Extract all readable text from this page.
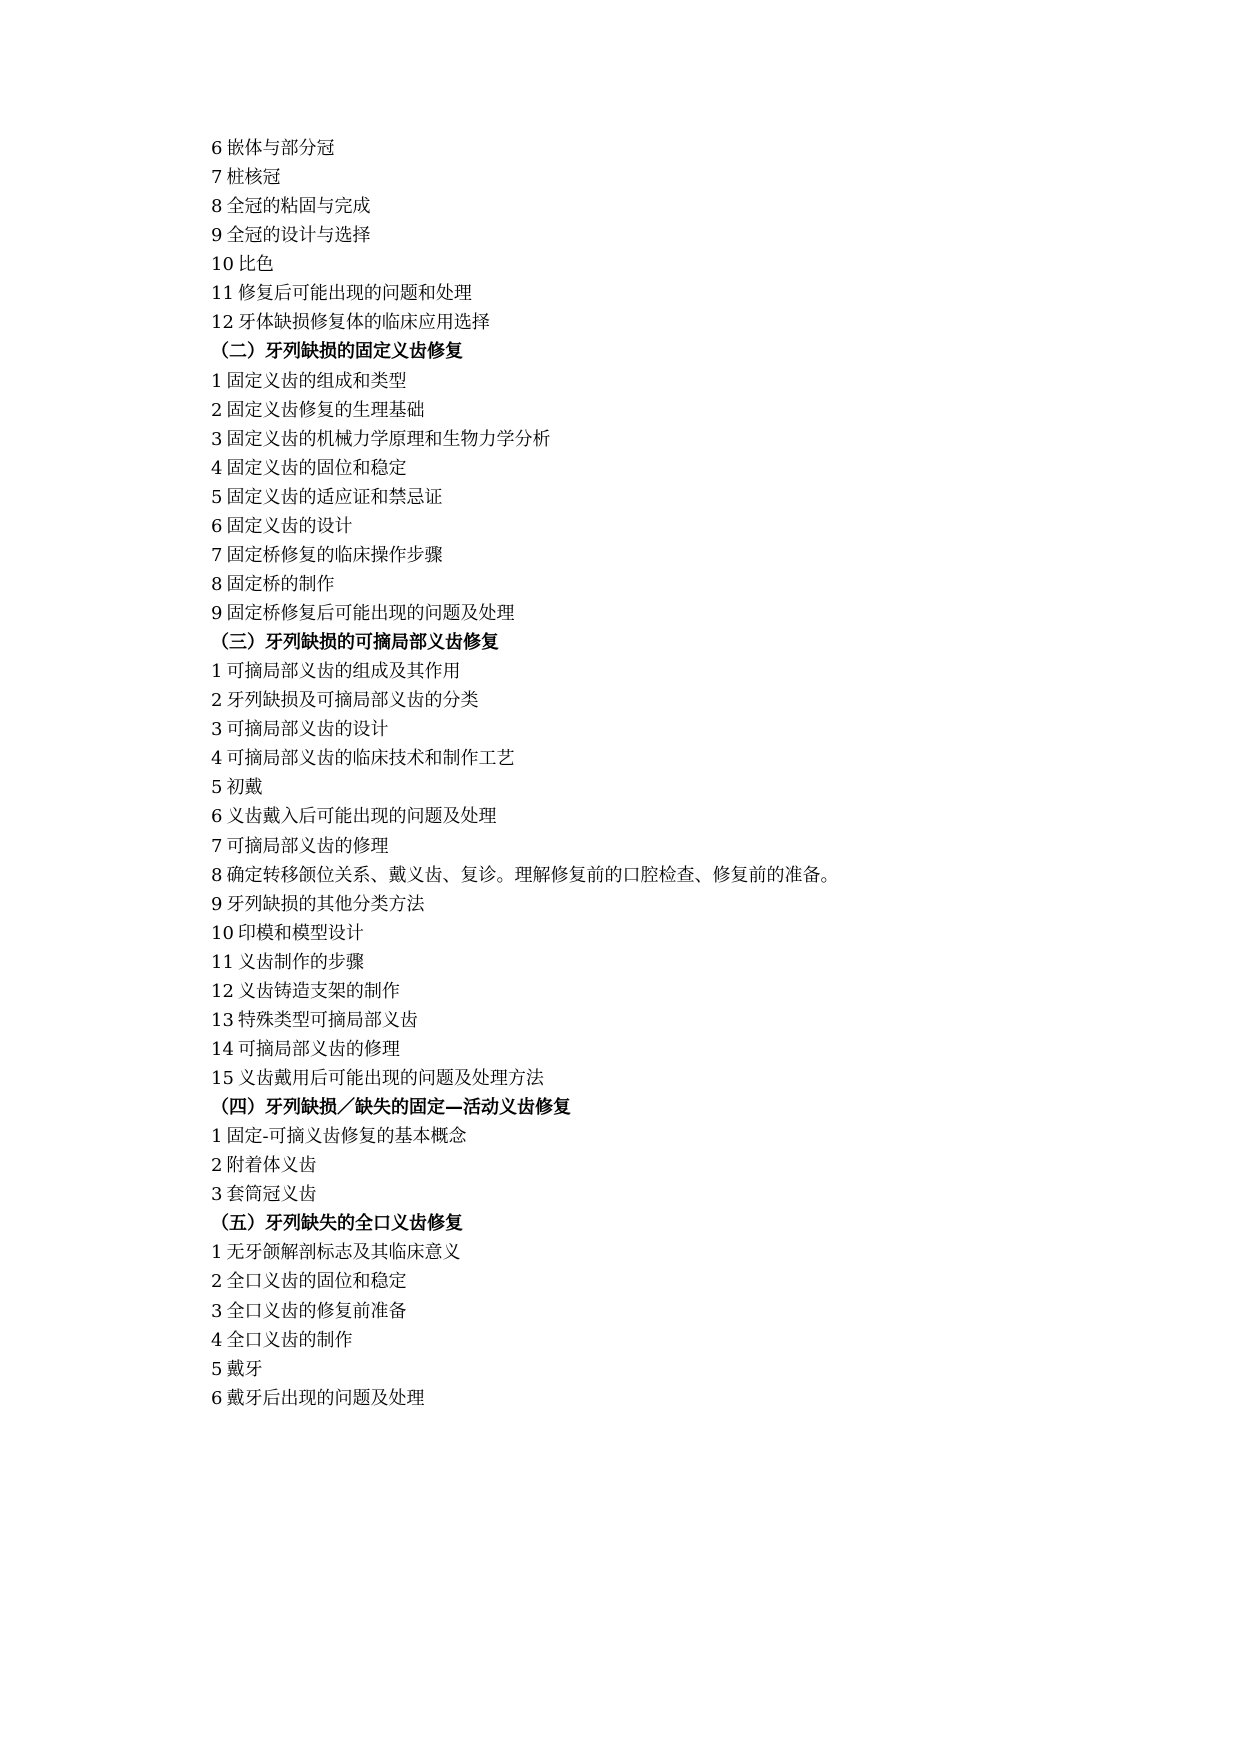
6 嵌体与部分冠
7 桩核冠
8 全冠的粘固与完成
9 全冠的设计与选择
10 比色
11 修复后可能出现的问题和处理
12 牙体缺损修复体的临床应用选择
（二）牙列缺损的固定义齿修复
1 固定义齿的组成和类型
2 固定义齿修复的生理基础
3 固定义齿的机械力学原理和生物力学分析
4 固定义齿的固位和稳定
5 固定义齿的适应证和禁忌证
6 固定义齿的设计
7 固定桥修复的临床操作步骤
8 固定桥的制作
9 固定桥修复后可能出现的问题及处理
（三）牙列缺损的可摘局部义齿修复
1 可摘局部义齿的组成及其作用
2 牙列缺损及可摘局部义齿的分类
3 可摘局部义齿的设计
4 可摘局部义齿的临床技术和制作工艺
5 初戴
6 义齿戴入后可能出现的问题及处理
7 可摘局部义齿的修理
8 确定转移颌位关系、戴义齿、复诊。理解修复前的口腔检查、修复前的准备。
9 牙列缺损的其他分类方法
10 印模和模型设计
11 义齿制作的步骤
12 义齿铸造支架的制作
13 特殊类型可摘局部义齿
14 可摘局部义齿的修理
15 义齿戴用后可能出现的问题及处理方法
（四）牙列缺损／缺失的固定—活动义齿修复
1 固定-可摘义齿修复的基本概念
2 附着体义齿
3 套筒冠义齿
（五）牙列缺失的全口义齿修复
1 无牙颌解剖标志及其临床意义
2 全口义齿的固位和稳定
3 全口义齿的修复前准备
4 全口义齿的制作
5 戴牙
6 戴牙后出现的问题及处理
